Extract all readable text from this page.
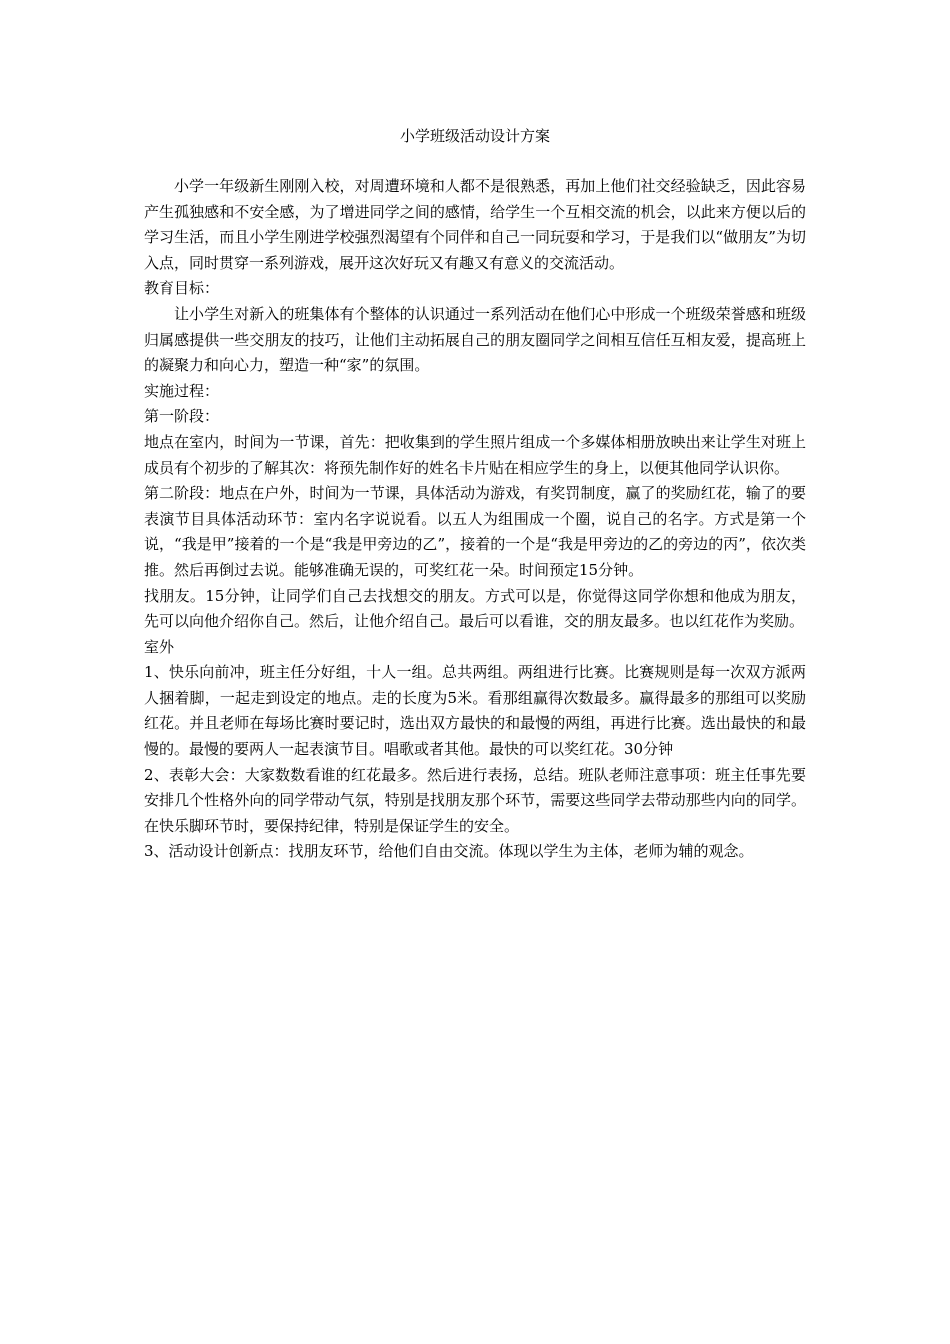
小学班级活动设计方案

小学一年级新生刚刚入校，对周遭环境和人都不是很熟悉，再加上他们社交经验缺乏，因此容易产生孤独感和不安全感，为了增进同学之间的感情，给学生一个互相交流的机会，以此来方便以后的学习生活，而且小学生刚进学校强烈渴望有个同伴和自己一同玩耍和学习，于是我们以“做朋友”为切入点，同时贯穿一系列游戏，展开这次好玩又有趣又有意义的交流活动。

教育目标：

让小学生对新入的班集体有个整体的认识通过一系列活动在他们心中形成一个班级荣誉感和班级归属感提供一些交朋友的技巧，让他们主动拓展自己的朋友圈同学之间相互信任互相友爱，提高班上的凝聚力和向心力，塑造一种“家”的氛围。

实施过程：

第一阶段：

地点在室内，时间为一节课，首先：把收集到的学生照片组成一个多媒体相册放映出来让学生对班上成员有个初步的了解其次：将预先制作好的姓名卡片贴在相应学生的身上，以便其他同学认识你。

第二阶段：地点在户外，时间为一节课，具体活动为游戏，有奖罚制度，赢了的奖励红花，输了的要表演节目具体活动环节：室内名字说说看。以五人为组围成一个圈，说自己的名字。方式是第一个说，“我是甲”接着的一个是“我是甲旁边的乙”，接着的一个是“我是甲旁边的乙的旁边的丙”，依次类推。然后再倒过去说。能够准确无误的，可奖红花一朵。时间预定15分钟。

找朋友。15分钟，让同学们自己去找想交的朋友。方式可以是，你觉得这同学你想和他成为朋友，先可以向他介绍你自己。然后，让他介绍自己。最后可以看谁，交的朋友最多。也以红花作为奖励。

室外

1、快乐向前冲，班主任分好组，十人一组。总共两组。两组进行比赛。比赛规则是每一次双方派两人捆着脚，一起走到设定的地点。走的长度为5米。看那组赢得次数最多。赢得最多的那组可以奖励红花。并且老师在每场比赛时要记时，选出双方最快的和最慢的两组，再进行比赛。选出最快的和最慢的。最慢的要两人一起表演节目。唱歌或者其他。最快的可以奖红花。30分钟

2、表彰大会：大家数数看谁的红花最多。然后进行表扬，总结。班队老师注意事项：班主任事先要安排几个性格外向的同学带动气氛，特别是找朋友那个环节，需要这些同学去带动那些内向的同学。在快乐脚环节时，要保持纪律，特别是保证学生的安全。

3、活动设计创新点：找朋友环节，给他们自由交流。体现以学生为主体，老师为辅的观念。
